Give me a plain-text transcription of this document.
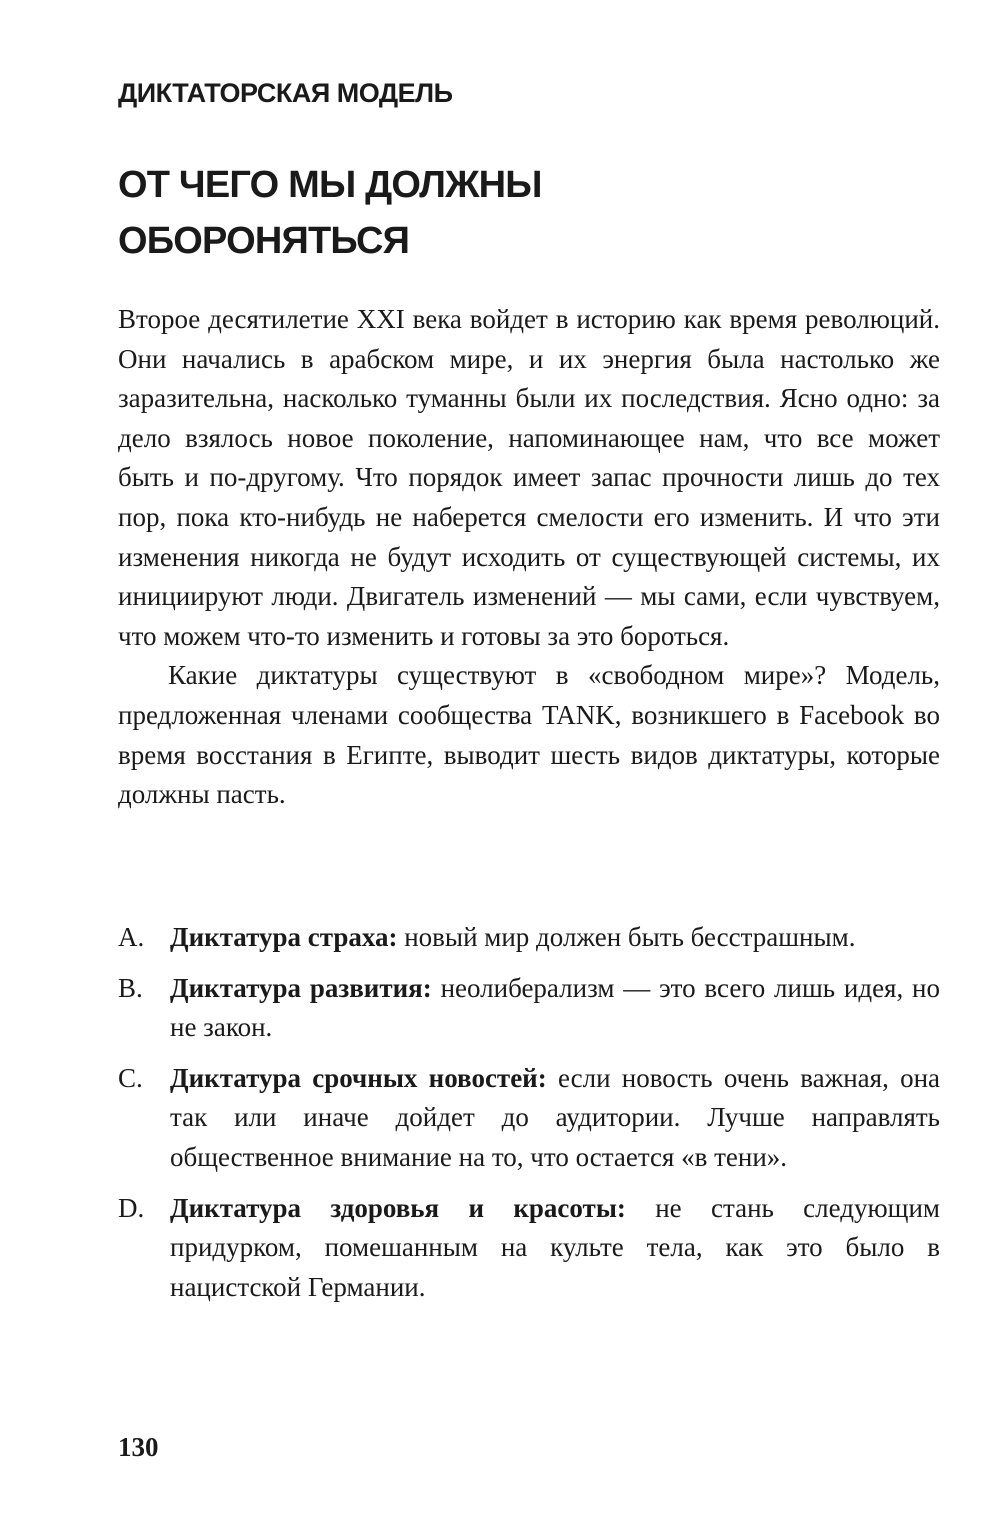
ДИКТАТОРСКАЯ МОДЕЛЬ
ОТ ЧЕГО МЫ ДОЛЖНЫ
ОБОРОНЯТЬСЯ

Второе десятилетие XXI века войдет в историю как время революций. Они начались в арабском мире, и их энергия была настолько же заразительна, насколько туманны были их последствия. Ясно одно: за дело взялось новое поколение, напоминающее нам, что все может быть и по-другому. Что порядок имеет запас прочности лишь до тех пор, пока кто-нибудь не наберется смелости его изменить. И что эти изменения никогда не будут исходить от существующей системы, их инициируют люди. Двигатель изменений — мы сами, если чувствуем, что можем что-то изменить и готовы за это бороться.

Какие диктатуры существуют в «свободном мире»? Модель, предложенная членами сообщества TANK, возникшего в Facebook во время восстания в Египте, выводит шесть видов диктатуры, которые должны пасть.

A. Диктатура страха: новый мир должен быть бесстрашным.
B. Диктатура развития: неолиберализм — это всего лишь идея, но не закон.
C. Диктатура срочных новостей: если новость очень важная, она так или иначе дойдет до аудитории. Лучше направлять общественное внимание на то, что остается «в тени».
D. Диктатура здоровья и красоты: не стань следующим придурком, помешанным на культе тела, как это было в нацистской Германии.
130
